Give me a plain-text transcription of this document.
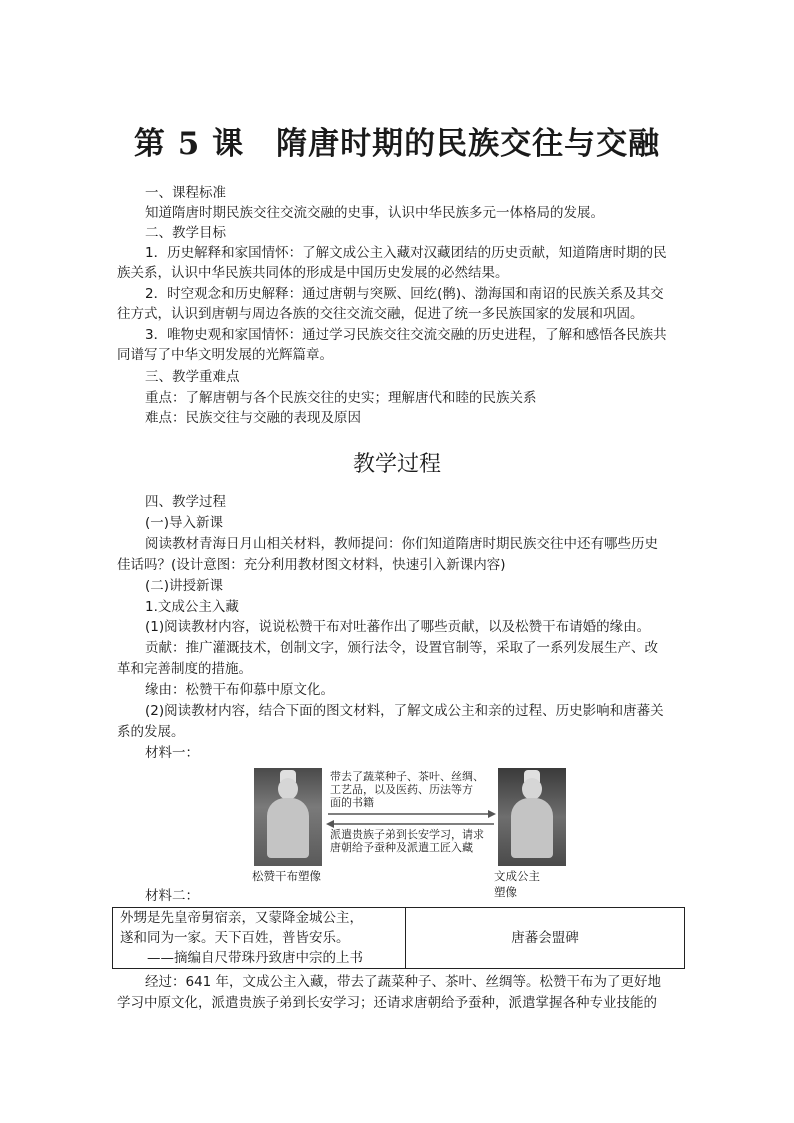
第 5 课　隋唐时期的民族交往与交融
一、课程标准
知道隋唐时期民族交往交流交融的史事，认识中华民族多元一体格局的发展。
二、教学目标
1．历史解释和家国情怀：了解文成公主入藏对汉藏团结的历史贡献，知道隋唐时期的民
族关系，认识中华民族共同体的形成是中国历史发展的必然结果。
2．时空观念和历史解释：通过唐朝与突厥、回纥(鹘)、渤海国和南诏的民族关系及其交
往方式，认识到唐朝与周边各族的交往交流交融，促进了统一多民族国家的发展和巩固。
3．唯物史观和家国情怀：通过学习民族交往交流交融的历史进程，了解和感悟各民族共
同谱写了中华文明发展的光辉篇章。
三、教学重难点
重点：了解唐朝与各个民族交往的史实；理解唐代和睦的民族关系
难点：民族交往与交融的表现及原因
教学过程
四、教学过程
(一)导入新课
阅读教材青海日月山相关材料，教师提问：你们知道隋唐时期民族交往中还有哪些历史
佳话吗？(设计意图：充分利用教材图文材料，快速引入新课内容)
(二)讲授新课
1.文成公主入藏
(1)阅读教材内容，说说松赞干布对吐蕃作出了哪些贡献，以及松赞干布请婚的缘由。
贡献：推广灌溉技术，创制文字，颁行法令，设置官制等，采取了一系列发展生产、改
革和完善制度的措施。
缘由：松赞干布仰慕中原文化。
(2)阅读教材内容，结合下面的图文材料，了解文成公主和亲的过程、历史影响和唐蕃关
系的发展。
材料一：
带去了蔬菜种子、茶叶、丝绸、
工艺品，以及医药、历法等方
面的书籍
派遣贵族子弟到长安学习，请求
唐朝给予蚕种及派遣工匠入藏
松赞干布塑像	文成公主塑像
材料二：
外甥是先皇帝舅宿亲，又蒙降金城公主，
遂和同为一家。天下百姓，普皆安乐。
——摘编自尺带珠丹致唐中宗的上书
	唐蕃会盟碑
经过：641 年，文成公主入藏，带去了蔬菜种子、茶叶、丝绸等。松赞干布为了更好地
学习中原文化，派遣贵族子弟到长安学习；还请求唐朝给予蚕种，派遣掌握各种专业技能的
